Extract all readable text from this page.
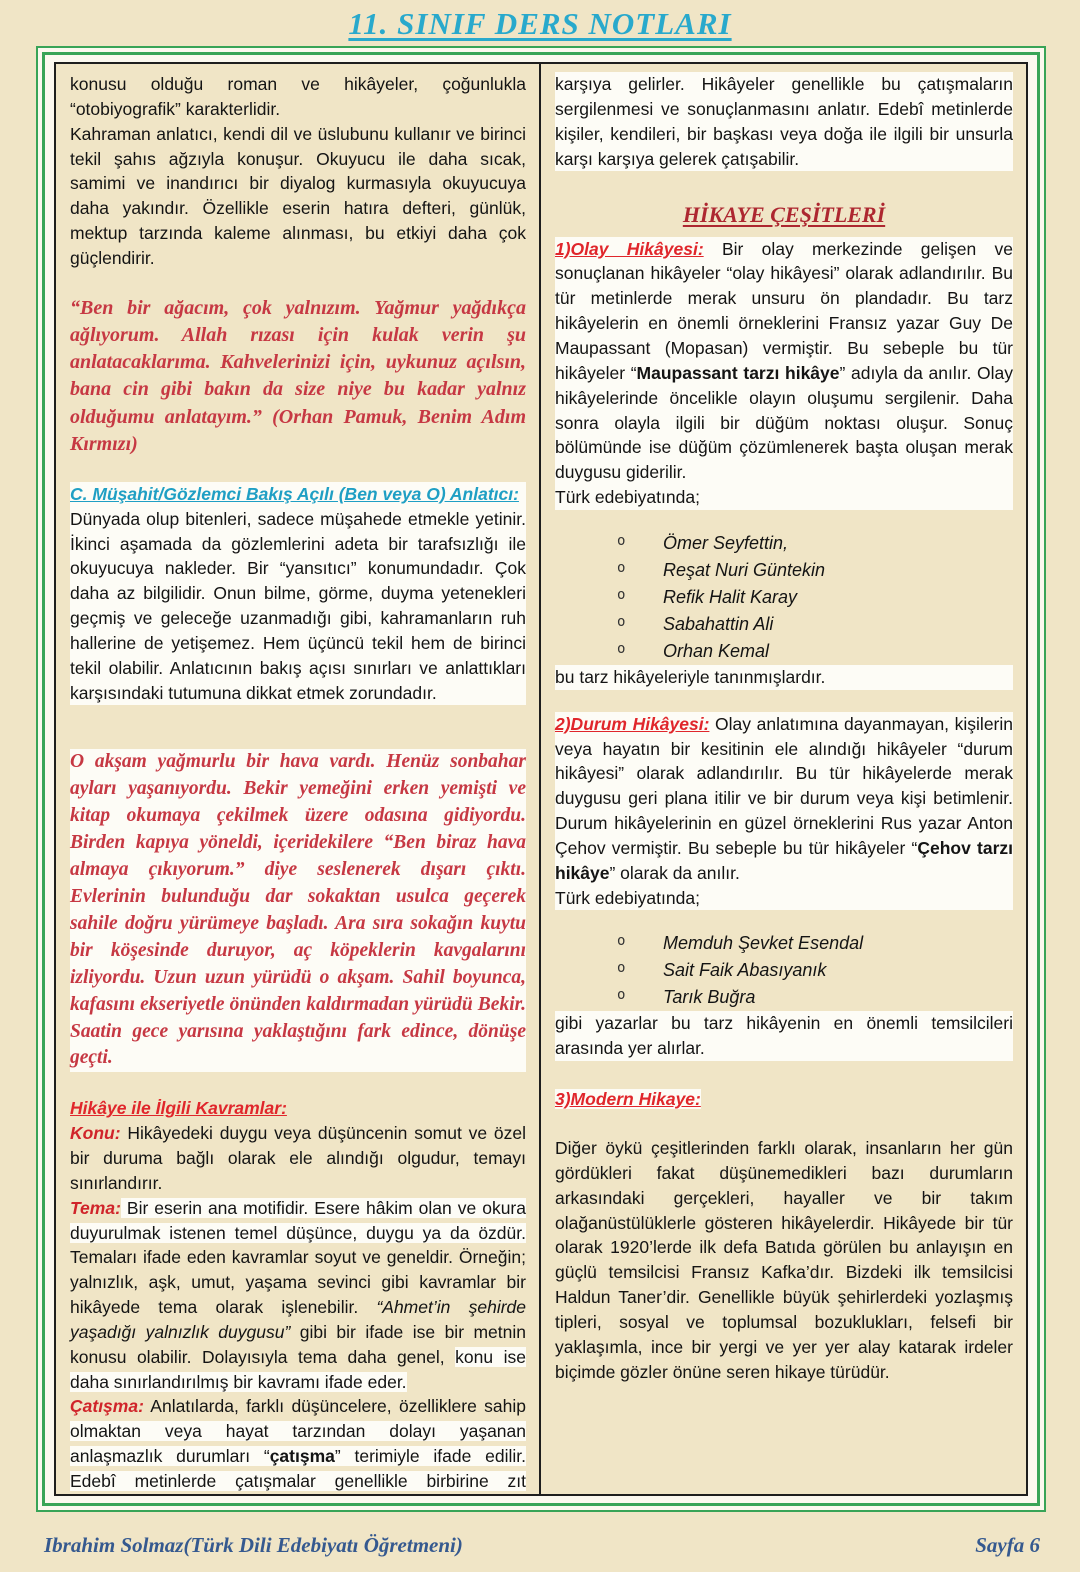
11. SINIF DERS NOTLARI

konusu olduğu roman ve hikâyeler, çoğunlukla “otobiyografik” karakterlidir.

Kahraman anlatıcı, kendi dil ve üslubunu kullanır ve birinci tekil şahıs ağzıyla konuşur. Okuyucu ile daha sıcak, samimi ve inandırıcı bir diyalog kurmasıyla okuyucuya daha yakındır. Özellikle eserin hatıra defteri, günlük, mektup tarzında kaleme alınması, bu etkiyi daha çok güçlendirir.

“Ben bir ağacım, çok yalnızım. Yağmur yağdıkça ağlıyorum. Allah rızası için kulak verin şu anlatacaklarıma. Kahvelerinizi için, uykunuz açılsın, bana cin gibi bakın da size niye bu kadar yalnız olduğumu anlatayım.” (Orhan Pamuk, Benim Adım Kırmızı)

C. Müşahit/Gözlemci Bakış Açılı (Ben veya O) Anlatıcı:

Dünyada olup bitenleri, sadece müşahede etmekle yetinir. İkinci aşamada da gözlemlerini adeta bir tarafsızlığı ile okuyucuya nakleder. Bir “yansıtıcı” konumundadır. Çok daha az bilgilidir. Onun bilme, görme, duyma yetenekleri geçmiş ve geleceğe uzanmadığı gibi, kahramanların ruh hallerine de yetişemez. Hem üçüncü tekil hem de birinci tekil olabilir. Anlatıcının bakış açısı sınırları ve anlattıkları karşısındaki tutumuna dikkat etmek zorundadır.

O akşam yağmurlu bir hava vardı. Henüz sonbahar ayları yaşanıyordu. Bekir yemeğini erken yemişti ve kitap okumaya çekilmek üzere odasına gidiyordu. Birden kapıya yöneldi, içeridekilere “Ben biraz hava almaya çıkıyorum.” diye seslenerek dışarı çıktı. Evlerinin bulunduğu dar sokaktan usulca geçerek sahile doğru yürümeye başladı. Ara sıra sokağın kuytu bir köşesinde duruyor, aç köpeklerin kavgalarını izliyordu. Uzun uzun yürüdü o akşam. Sahil boyunca, kafasını ekseriyetle önünden kaldırmadan yürüdü Bekir. Saatin gece yarısına yaklaştığını fark edince, dönüşe geçti.

Hikâye ile İlgili Kavramlar:

Konu: Hikâyedeki duygu veya düşüncenin somut ve özel bir duruma bağlı olarak ele alındığı olgudur, temayı sınırlandırır.

Tema: Bir eserin ana motifidir. Esere hâkim olan ve okura duyurulmak istenen temel düşünce, duygu ya da özdür. Temaları ifade eden kavramlar soyut ve geneldir. Örneğin; yalnızlık, aşk, umut, yaşama sevinci gibi kavramlar bir hikâyede tema olarak işlenebilir. “Ahmet’in şehirde yaşadığı yalnızlık duygusu” gibi bir ifade ise bir metnin konusu olabilir. Dolayısıyla tema daha genel, konu ise daha sınırlandırılmış bir kavramı ifade eder.

Çatışma: Anlatılarda, farklı düşüncelere, özelliklere sahip olmaktan veya hayat tarzından dolayı yaşanan anlaşmazlık durumları “çatışma” terimiyle ifade edilir. Edebî metinlerde çatışmalar genellikle birbirine zıt

karşıya gelirler. Hikâyeler genellikle bu çatışmaların sergilenmesi ve sonuçlanmasını anlatır. Edebî metinlerde kişiler, kendileri, bir başkası veya doğa ile ilgili bir unsurla karşı karşıya gelerek çatışabilir.

HİKAYE ÇEŞİTLERİ

1)Olay Hikâyesi: Bir olay merkezinde gelişen ve sonuçlanan hikâyeler “olay hikâyesi” olarak adlandırılır. Bu tür metinlerde merak unsuru ön plandadır. Bu tarz hikâyelerin en önemli örneklerini Fransız yazar Guy De Maupassant (Mopasan) vermiştir. Bu sebeple bu tür hikâyeler “Maupassant tarzı hikâye” adıyla da anılır. Olay hikâyelerinde öncelikle olayın oluşumu sergilenir. Daha sonra olayla ilgili bir düğüm noktası oluşur. Sonuç bölümünde ise düğüm çözümlenerek başta oluşan merak duygusu giderilir.

Türk edebiyatında;

o Ömer Seyfettin,
o Reşat Nuri Güntekin
o Refik Halit Karay
o Sabahattin Ali
o Orhan Kemal

bu tarz hikâyeleriyle tanınmışlardır.

2)Durum Hikâyesi: Olay anlatımına dayanmayan, kişilerin veya hayatın bir kesitinin ele alındığı hikâyeler “durum hikâyesi” olarak adlandırılır. Bu tür hikâyelerde merak duygusu geri plana itilir ve bir durum veya kişi betimlenir. Durum hikâyelerinin en güzel örneklerini Rus yazar Anton Çehov vermiştir. Bu sebeple bu tür hikâyeler “Çehov tarzı hikâye” olarak da anılır.

Türk edebiyatında;

o Memduh Şevket Esendal
o Sait Faik Abasıyanık
o Tarık Buğra

gibi yazarlar bu tarz hikâyenin en önemli temsilcileri arasında yer alırlar.

3)Modern Hikaye:

Diğer öykü çeşitlerinden farklı olarak, insanların her gün gördükleri fakat düşünemedikleri bazı durumların arkasındaki gerçekleri, hayaller ve bir takım olağanüstülüklerle gösteren hikâyelerdir. Hikâyede bir tür olarak 1920’lerde ilk defa Batıda görülen bu anlayışın en güçlü temsilcisi Fransız Kafka’dır. Bizdeki ilk temsilcisi Haldun Taner’dir. Genellikle büyük şehirlerdeki yozlaşmış tipleri, sosyal ve toplumsal bozuklukları, felsefi bir yaklaşımla, ince bir yergi ve yer yer alay katarak irdeler biçimde gözler önüne seren hikaye türüdür.

Ibrahim Solmaz(Türk Dili Edebiyatı Öğretmeni)	Sayfa 6
